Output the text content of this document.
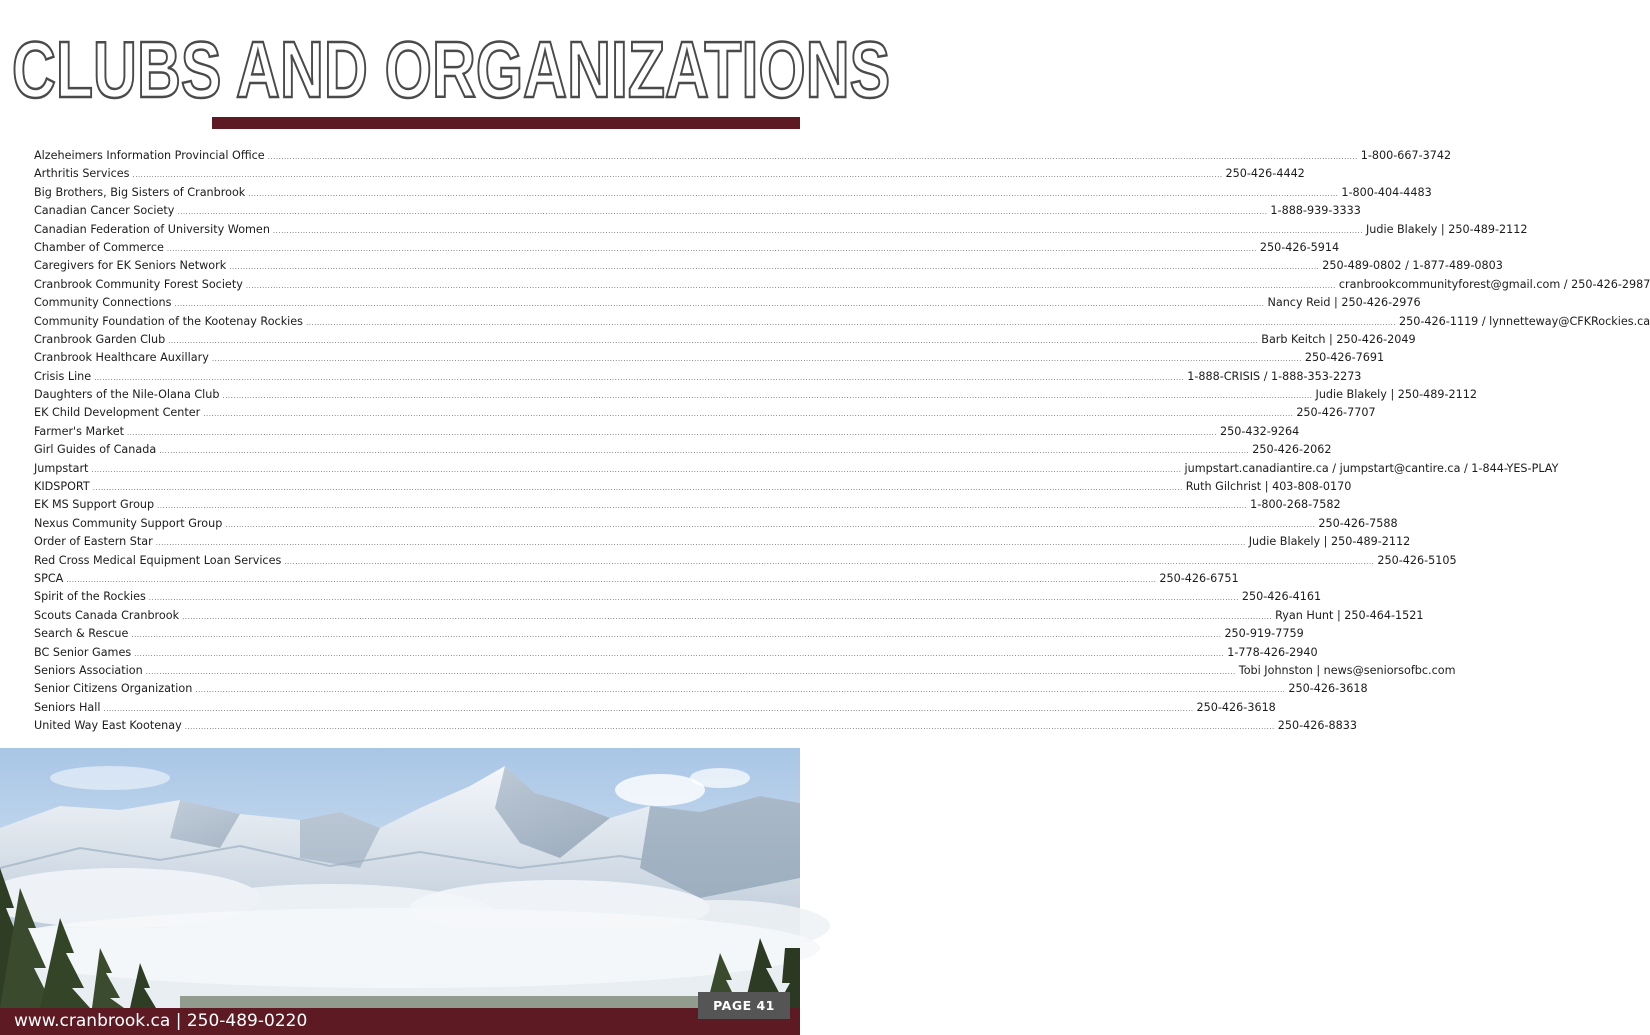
CLUBS AND ORGANIZATIONS
Alzeheimers Information Provincial Office ................................................................................................................................................................................................................................................................................................................................................................................................................ 1-800-667-3742
Arthritis Services ................................................................................................................................................................................................................................................................................................................................................................................................................ 250-426-4442
Big Brothers, Big Sisters of Cranbrook ................................................................................................................................................................................................................................................................................................................................................................................................................ 1-800-404-4483
Canadian Cancer Society ................................................................................................................................................................................................................................................................................................................................................................................................................ 1-888-939-3333
Canadian Federation of University Women ................................................................................................................................................................................................................................................................................................................................................................................................................ Judie Blakely | 250-489-2112
Chamber of Commerce ................................................................................................................................................................................................................................................................................................................................................................................................................ 250-426-5914
Caregivers for EK Seniors Network ................................................................................................................................................................................................................................................................................................................................................................................................................ 250-489-0802 / 1-877-489-0803
Cranbrook Community Forest Society ................................................................................................................................................................................................................................................................................................................................................................................................................ cranbrookcommunityforest@gmail.com / 250-426-2987
Community Connections ................................................................................................................................................................................................................................................................................................................................................................................................................ Nancy Reid | 250-426-2976
Community Foundation of the Kootenay Rockies ................................................................................................................................................................................................................................................................................................................................................................................................................ 250-426-1119 / lynnetteway@CFKRockies.ca
Cranbrook Garden Club ................................................................................................................................................................................................................................................................................................................................................................................................................ Barb Keitch | 250-426-2049
Cranbrook Healthcare Auxillary ................................................................................................................................................................................................................................................................................................................................................................................................................ 250-426-7691
Crisis Line ................................................................................................................................................................................................................................................................................................................................................................................................................ 1-888-CRISIS / 1-888-353-2273
Daughters of the Nile-Olana Club ................................................................................................................................................................................................................................................................................................................................................................................................................ Judie Blakely | 250-489-2112
EK Child Development Center ................................................................................................................................................................................................................................................................................................................................................................................................................ 250-426-7707
Farmer's Market ................................................................................................................................................................................................................................................................................................................................................................................................................ 250-432-9264
Girl Guides of Canada ................................................................................................................................................................................................................................................................................................................................................................................................................ 250-426-2062
Jumpstart ................................................................................................................................................................................................................................................................................................................................................................................................................ jumpstart.canadiantire.ca / jumpstart@cantire.ca / 1-844-YES-PLAY
KIDSPORT ................................................................................................................................................................................................................................................................................................................................................................................................................ Ruth Gilchrist | 403-808-0170
EK MS Support Group ................................................................................................................................................................................................................................................................................................................................................................................................................ 1-800-268-7582
Nexus Community Support Group ................................................................................................................................................................................................................................................................................................................................................................................................................ 250-426-7588
Order of Eastern Star ................................................................................................................................................................................................................................................................................................................................................................................................................ Judie Blakely | 250-489-2112
Red Cross Medical Equipment Loan Services ................................................................................................................................................................................................................................................................................................................................................................................................................ 250-426-5105
SPCA ................................................................................................................................................................................................................................................................................................................................................................................................................ 250-426-6751
Spirit of the Rockies ................................................................................................................................................................................................................................................................................................................................................................................................................ 250-426-4161
Scouts Canada Cranbrook ................................................................................................................................................................................................................................................................................................................................................................................................................ Ryan Hunt | 250-464-1521
Search & Rescue ................................................................................................................................................................................................................................................................................................................................................................................................................ 250-919-7759
BC Senior Games ................................................................................................................................................................................................................................................................................................................................................................................................................ 1-778-426-2940
Seniors Association ................................................................................................................................................................................................................................................................................................................................................................................................................ Tobi Johnston | news@seniorsofbc.com
Senior Citizens Organization ................................................................................................................................................................................................................................................................................................................................................................................................................ 250-426-3618
Seniors Hall ................................................................................................................................................................................................................................................................................................................................................................................................................ 250-426-3618
United Way East Kootenay ................................................................................................................................................................................................................................................................................................................................................................................................................ 250-426-8833
www.cranbrook.ca | 250-489-0220
PAGE 41
